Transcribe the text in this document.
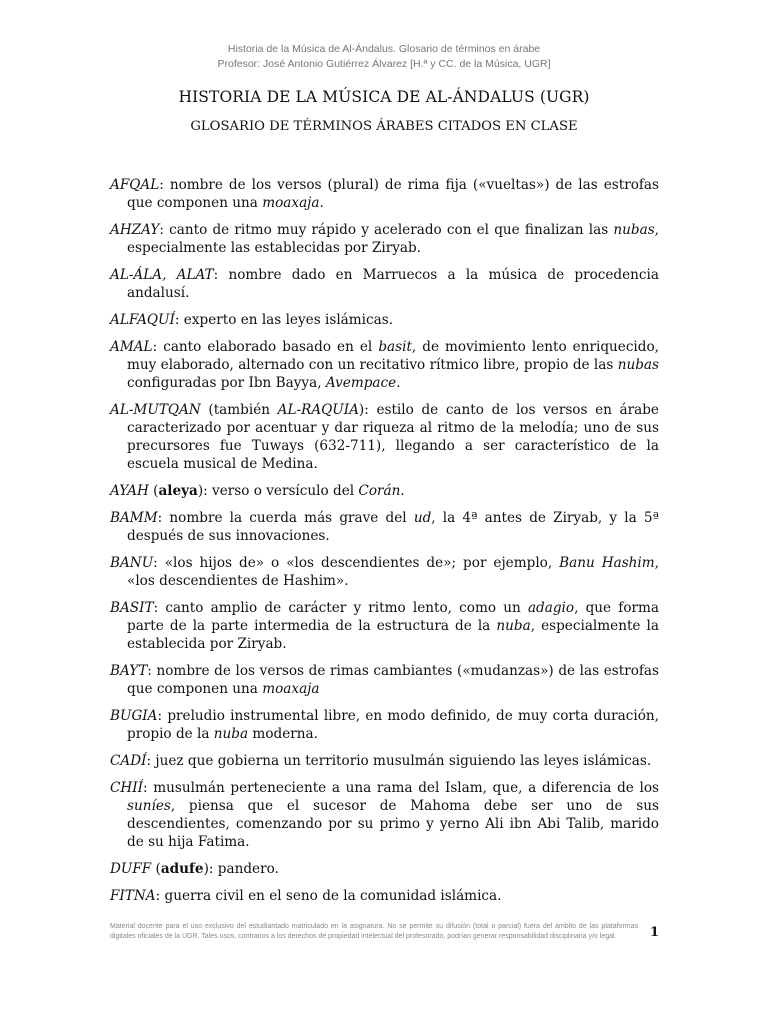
Historia de la Música de Al-Ándalus. Glosario de términos en árabe
Profesor: José Antonio Gutiérrez Álvarez [H.ª y CC. de la Música, UGR]
HISTORIA DE LA MÚSICA DE AL-ÁNDALUS (UGR)
GLOSARIO DE TÉRMINOS ÁRABES CITADOS EN CLASE

AFQAL: nombre de los versos (plural) de rima fija («vueltas») de las estrofas que componen una moaxaja.

AHZAY: canto de ritmo muy rápido y acelerado con el que finalizan las nubas, especialmente las establecidas por Ziryab.

AL-ÁLA, ALAT: nombre dado en Marruecos a la música de procedencia andalusí.

ALFAQUÍ: experto en las leyes islámicas.

AMAL: canto elaborado basado en el basit, de movimiento lento enriquecido, muy elaborado, alternado con un recitativo rítmico libre, propio de las nubas configuradas por Ibn Bayya, Avempace.

AL-MUTQAN (también AL-RAQUIA): estilo de canto de los versos en árabe caracterizado por acentuar y dar riqueza al ritmo de la melodía; uno de sus precursores fue Tuways (632-711), llegando a ser característico de la escuela musical de Medina.

AYAH (aleya): verso o versículo del Corán.

BAMM: nombre la cuerda más grave del ud, la 4ª antes de Ziryab, y la 5ª después de sus innovaciones.

BANU: «los hijos de» o «los descendientes de»; por ejemplo, Banu Hashim, «los descendientes de Hashim».

BASIT: canto amplio de carácter y ritmo lento, como un adagio, que forma parte de la parte intermedia de la estructura de la nuba, especialmente la establecida por Ziryab.

BAYT: nombre de los versos de rimas cambiantes («mudanzas») de las estrofas que componen una moaxaja

BUGIA: preludio instrumental libre, en modo definido, de muy corta duración, propio de la nuba moderna.

CADÍ: juez que gobierna un territorio musulmán siguiendo las leyes islámicas.

CHIÍ: musulmán perteneciente a una rama del Islam, que, a diferencia de los suníes, piensa que el sucesor de Mahoma debe ser uno de sus descendientes, comenzando por su primo y yerno Ali ibn Abi Talib, marido de su hija Fatima.

DUFF (adufe): pandero.

FITNA: guerra civil en el seno de la comunidad islámica.

Material docente para el uso exclusivo del estudiantado matriculado en la asignatura. No se permite su difusión (total o parcial) fuera del ámbito de las plataformas digitales oficiales de la UGR. Tales usos, contrarios a los derechos de propiedad intelectual del profesorado, podrían generar responsabilidad disciplinaria y/o legal.	1
